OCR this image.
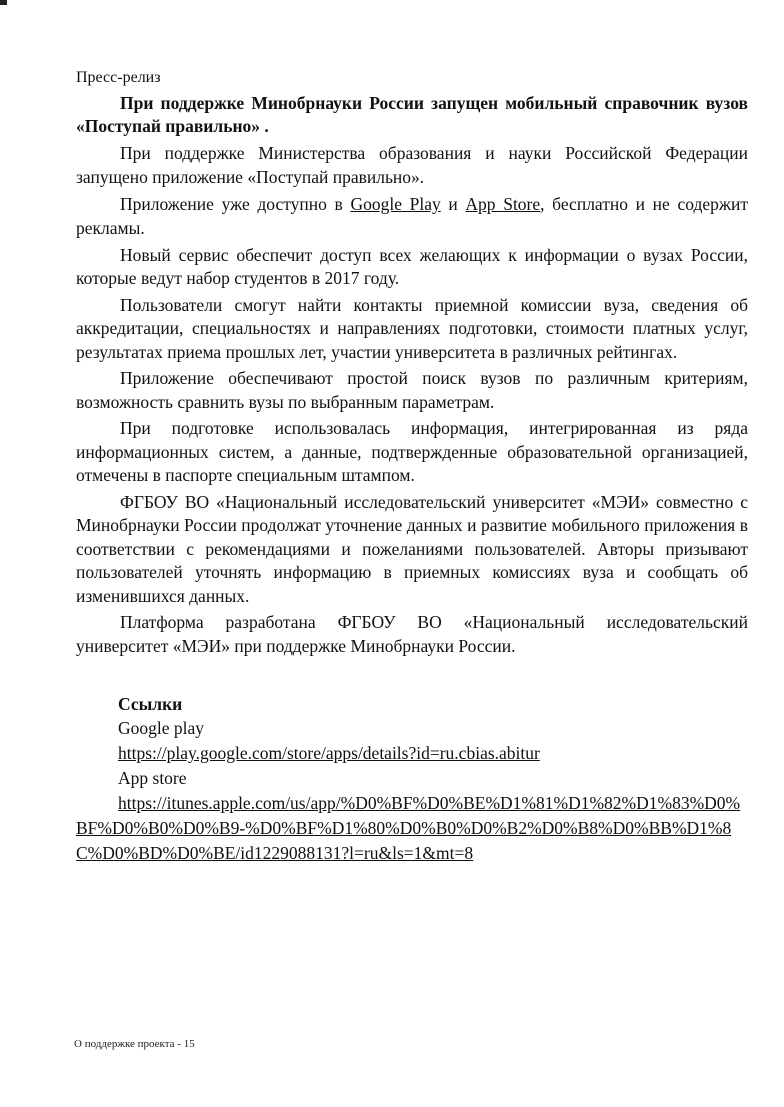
Пресс-релиз
При поддержке Минобрнауки России запущен мобильный справочник вузов «Поступай правильно» .

При поддержке Министерства образования и науки Российской Федерации запущено приложение «Поступай правильно».

Приложение уже доступно в Google Play и App Store, бесплатно и не содержит рекламы.

Новый сервис обеспечит доступ всех желающих к информации о вузах России, которые ведут набор студентов в 2017 году.

Пользователи смогут найти контакты приемной комиссии вуза, сведения об аккредитации, специальностях и направлениях подготовки, стоимости платных услуг, результатах приема прошлых лет, участии университета в различных рейтингах.

Приложение обеспечивают простой поиск вузов по различным критериям, возможность сравнить вузы по выбранным параметрам.

При подготовке использовалась информация, интегрированная из ряда информационных систем, а данные, подтвержденные образовательной организацией, отмечены в паспорте специальным штампом.

ФГБОУ ВО «Национальный исследовательский университет «МЭИ» совместно с Минобрнауки России продолжат уточнение данных и развитие мобильного приложения в соответствии с рекомендациями и пожеланиями пользователей. Авторы призывают пользователей уточнять информацию в приемных комиссиях вуза и сообщать об изменившихся данных.

Платформа разработана ФГБОУ ВО «Национальный исследовательский университет «МЭИ» при поддержке Минобрнауки России.

Ссылки
Google play
https://play.google.com/store/apps/details?id=ru.cbias.abitur
App store
https://itunes.apple.com/us/app/%D0%BF%D0%BE%D1%81%D1%82%D1%83%D0%BF%D0%B0%D0%B9-%D0%BF%D1%80%D0%B0%D0%B2%D0%B8%D0%BB%D1%8C%D0%BD%D0%BE/id1229088131?l=ru&ls=1&mt=8
О поддержке проекта - 15
